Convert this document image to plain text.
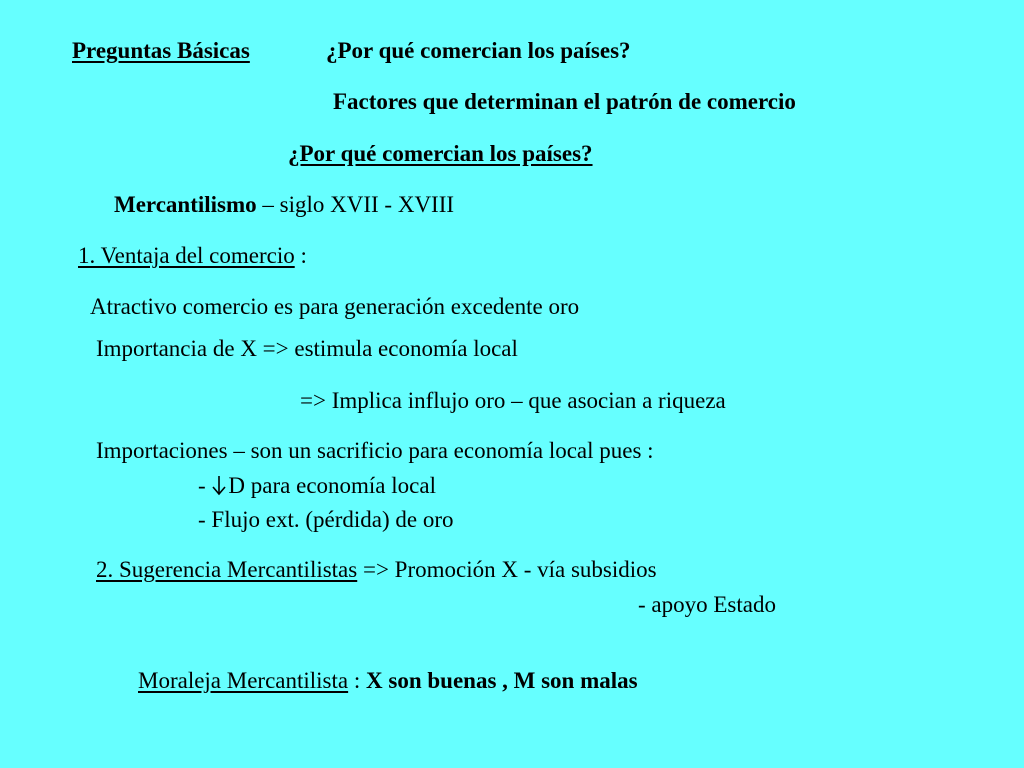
Preguntas Básicas	¿Por qué comercian los países?

Factores que determinan el patrón de comercio

¿Por qué comercian los países?

Mercantilismo – siglo XVII - XVIII

1. Ventaja del comercio :

Atractivo comercio es para generación excedente oro

Importancia de X => estimula economía local

=> Implica influjo oro – que asocian a riqueza

Importaciones – son un sacrificio para economía local pues :

- D para economía local

- Flujo ext. (pérdida) de oro

2. Sugerencia Mercantilistas => Promoción X - vía subsidios

- apoyo Estado

Moraleja Mercantilista : X son buenas , M son malas
